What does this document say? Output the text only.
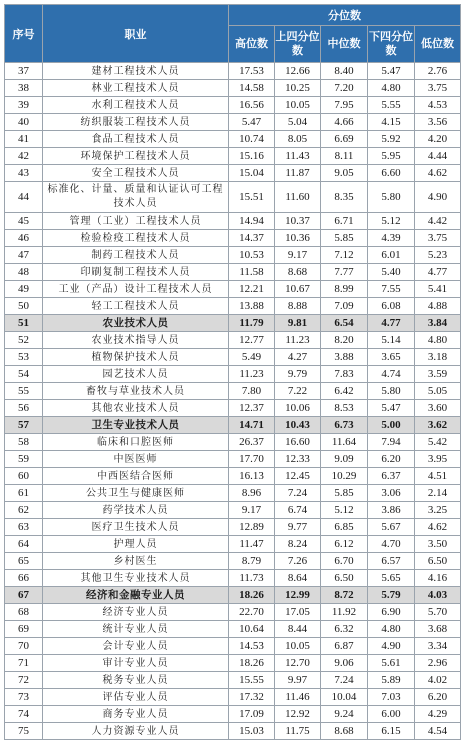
序号	职业	分位数				
		高位数	上四分位数	中位数	下四分位数	低位数
37	建材工程技术人员	17.53	12.66	8.40	5.47	2.76
38	林业工程技术人员	14.58	10.25	7.20	4.80	3.75
39	水利工程技术人员	16.56	10.05	7.95	5.55	4.53
40	纺织服装工程技术人员	5.47	5.04	4.66	4.15	3.56
41	食品工程技术人员	10.74	8.05	6.69	5.92	4.20
42	环境保护工程技术人员	15.16	11.43	8.11	5.95	4.44
43	安全工程技术人员	15.04	11.87	9.05	6.60	4.62
44	标准化、计量、质量和认证认可工程技术人员	15.51	11.60	8.35	5.80	4.90
45	管理（工业）工程技术人员	14.94	10.37	6.71	5.12	4.42
46	检验检疫工程技术人员	14.37	10.36	5.85	4.39	3.75
47	制药工程技术人员	10.53	9.17	7.12	6.01	5.23
48	印刷复制工程技术人员	11.58	8.68	7.77	5.40	4.77
49	工业（产品）设计工程技术人员	12.21	10.67	8.99	7.55	5.41
50	轻工工程技术人员	13.88	8.88	7.09	6.08	4.88
51	农业技术人员	11.79	9.81	6.54	4.77	3.84
52	农业技术指导人员	12.77	11.23	8.20	5.14	4.80
53	植物保护技术人员	5.49	4.27	3.88	3.65	3.18
54	园艺技术人员	11.23	9.79	7.83	4.74	3.59
55	畜牧与草业技术人员	7.80	7.22	6.42	5.80	5.05
56	其他农业技术人员	12.37	10.06	8.53	5.47	3.60
57	卫生专业技术人员	14.71	10.43	6.73	5.00	3.62
58	临床和口腔医师	26.37	16.60	11.64	7.94	5.42
59	中医医师	17.70	12.33	9.09	6.20	3.95
60	中西医结合医师	16.13	12.45	10.29	6.37	4.51
61	公共卫生与健康医师	8.96	7.24	5.85	3.06	2.14
62	药学技术人员	9.17	6.74	5.12	3.86	3.25
63	医疗卫生技术人员	12.89	9.77	6.85	5.67	4.62
64	护理人员	11.47	8.24	6.12	4.70	3.50
65	乡村医生	8.79	7.26	6.70	6.57	6.50
66	其他卫生专业技术人员	11.73	8.64	6.50	5.65	4.16
67	经济和金融专业人员	18.26	12.99	8.72	5.79	4.03
68	经济专业人员	22.70	17.05	11.92	6.90	5.70
69	统计专业人员	10.64	8.44	6.32	4.80	3.68
70	会计专业人员	14.53	10.05	6.87	4.90	3.34
71	审计专业人员	18.26	12.70	9.06	5.61	2.96
72	税务专业人员	15.55	9.97	7.24	5.89	4.02
73	评估专业人员	17.32	11.46	10.04	7.03	6.20
74	商务专业人员	17.09	12.92	9.24	6.00	4.29
75	人力资源专业人员	15.03	11.75	8.68	6.15	4.54
